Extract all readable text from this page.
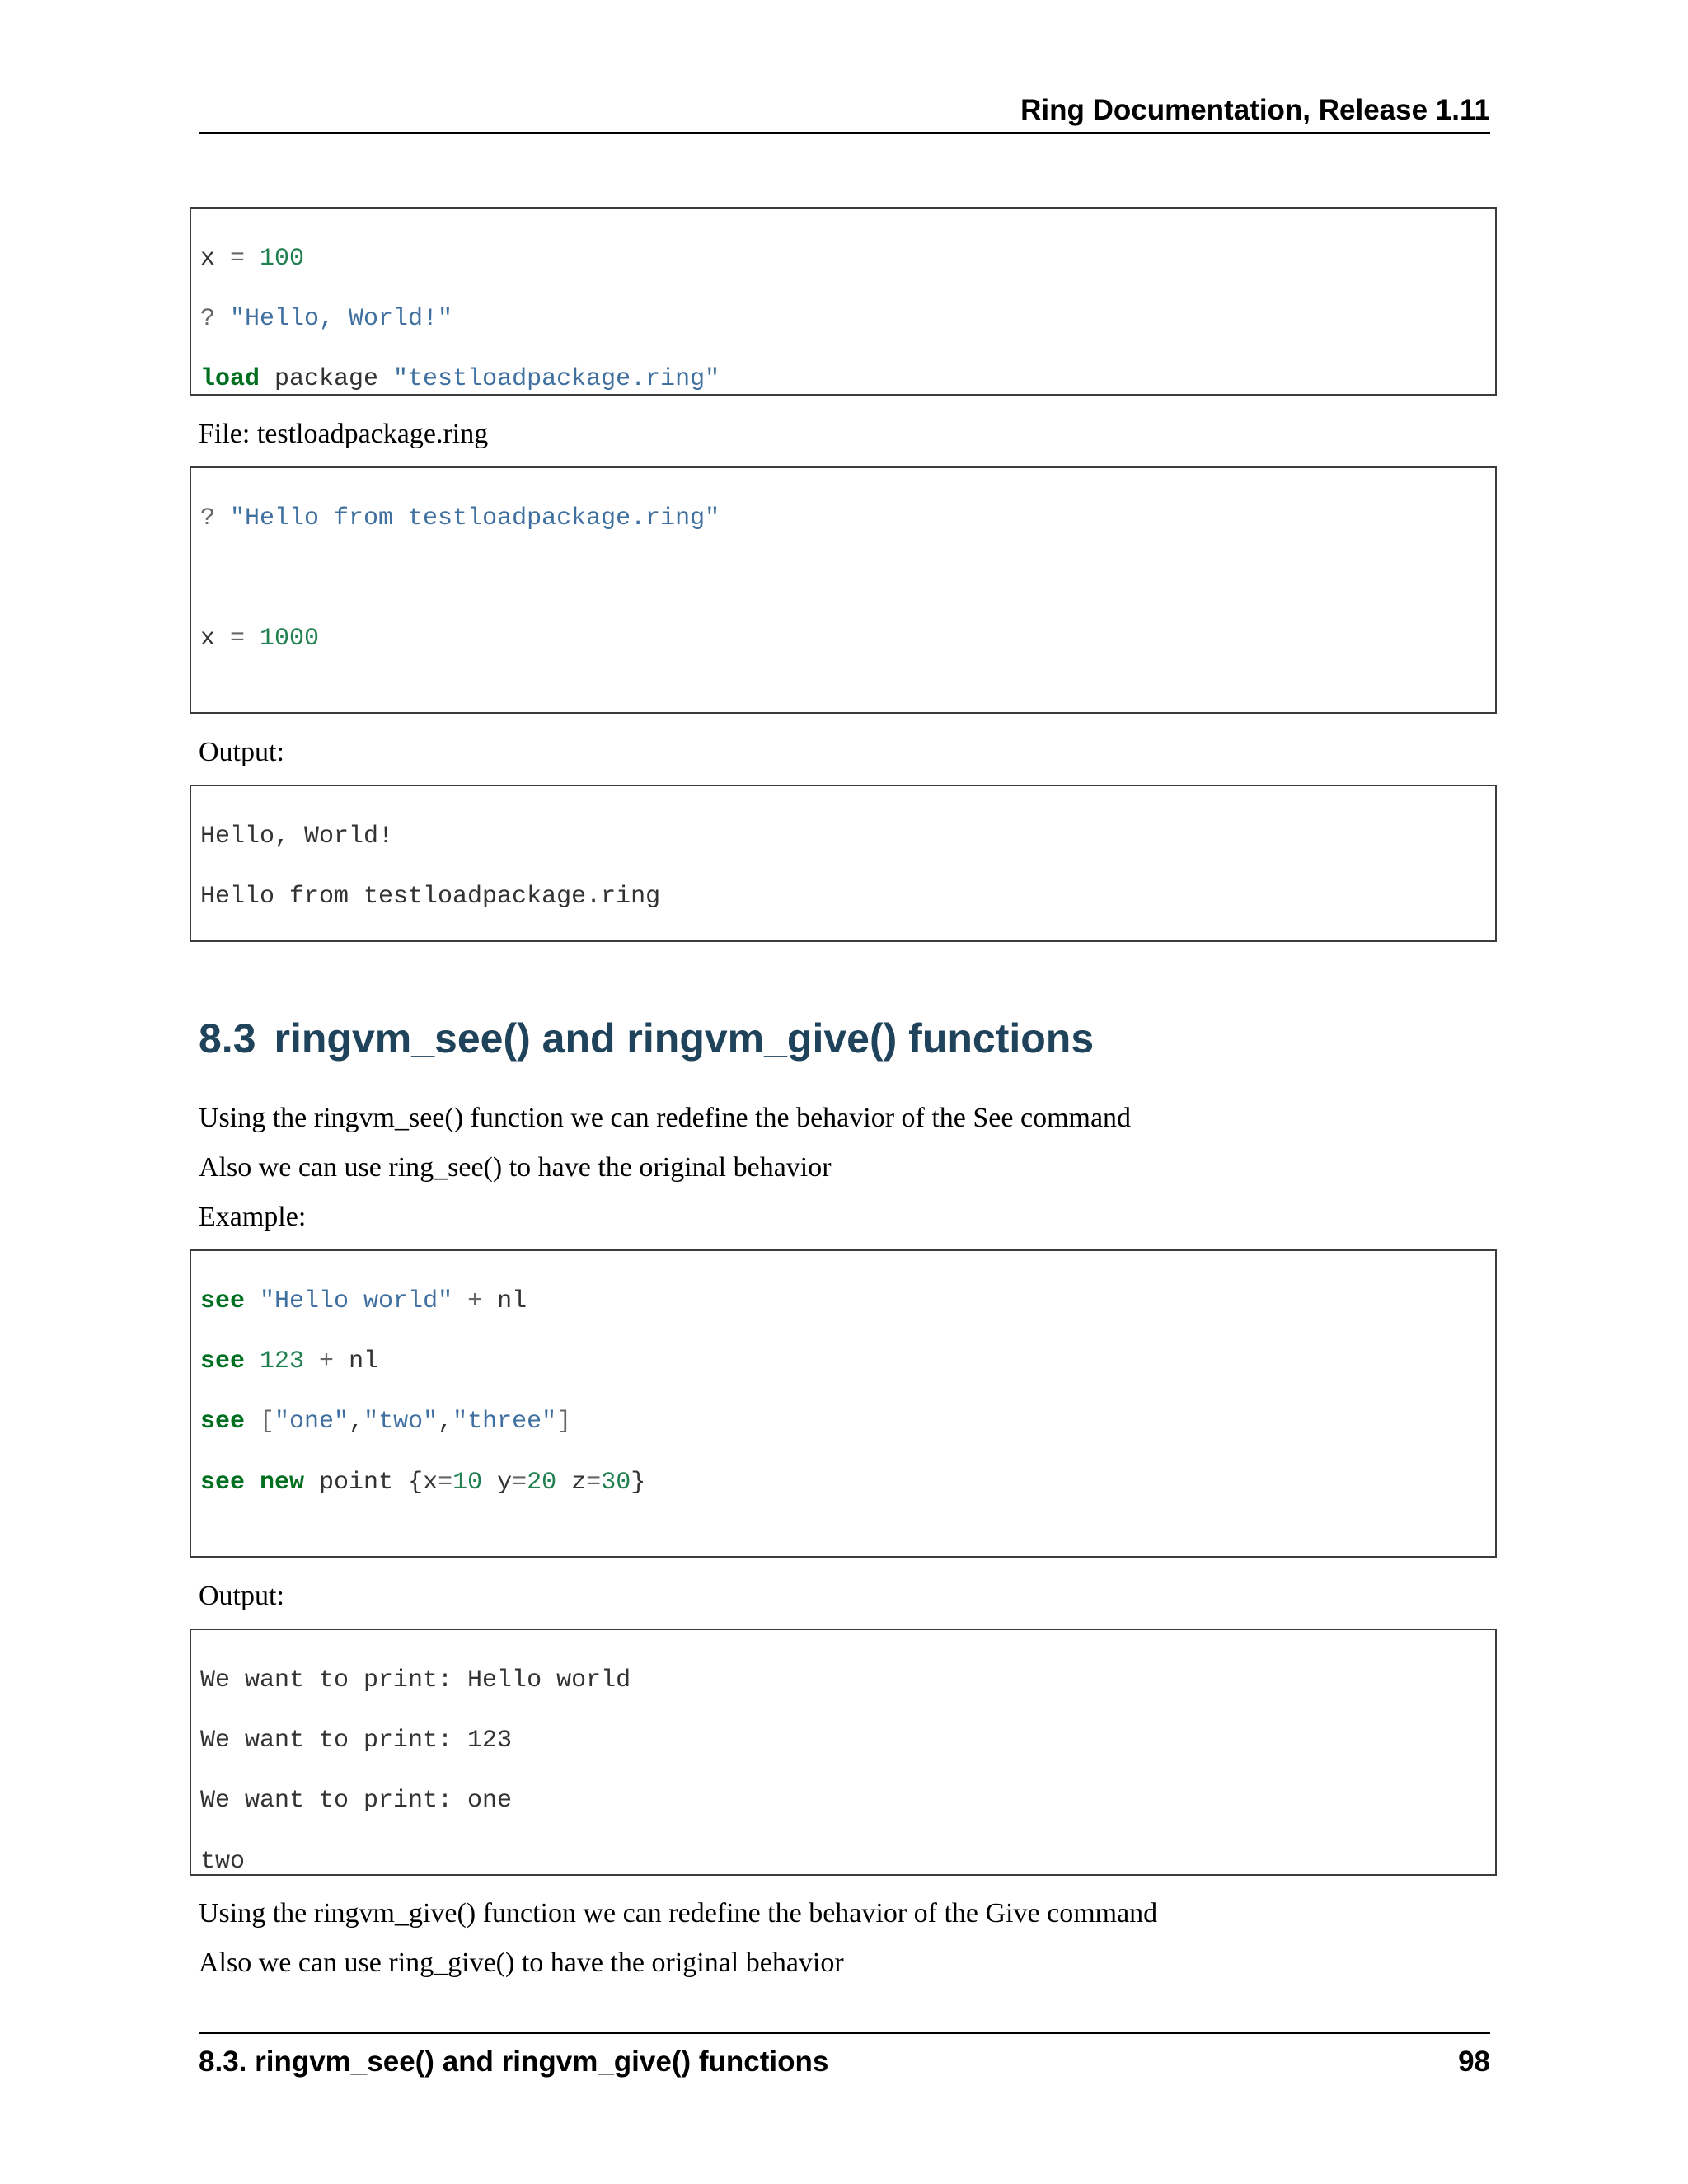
Ring Documentation, Release 1.11

x = 100

? "Hello, World!"

load package "testloadpackage.ring"

File: testloadpackage.ring

? "Hello from testloadpackage.ring"

x = 1000

Output:

Hello, World!

Hello from testloadpackage.ring

8.3 ringvm_see() and ringvm_give() functions
Using the ringvm_see() function we can redefine the behavior of the See command
Also we can use ring_see() to have the original behavior
Example:

see "Hello world" + nl

see 123 + nl

see ["one","two","three"]

see new point {x=10 y=20 z=30}

Output:

We want to print: Hello world

We want to print: 123

We want to print: one

two

Using the ringvm_give() function we can redefine the behavior of the Give command
Also we can use ring_give() to have the original behavior
8.3. ringvm_see() and ringvm_give() functions	98
